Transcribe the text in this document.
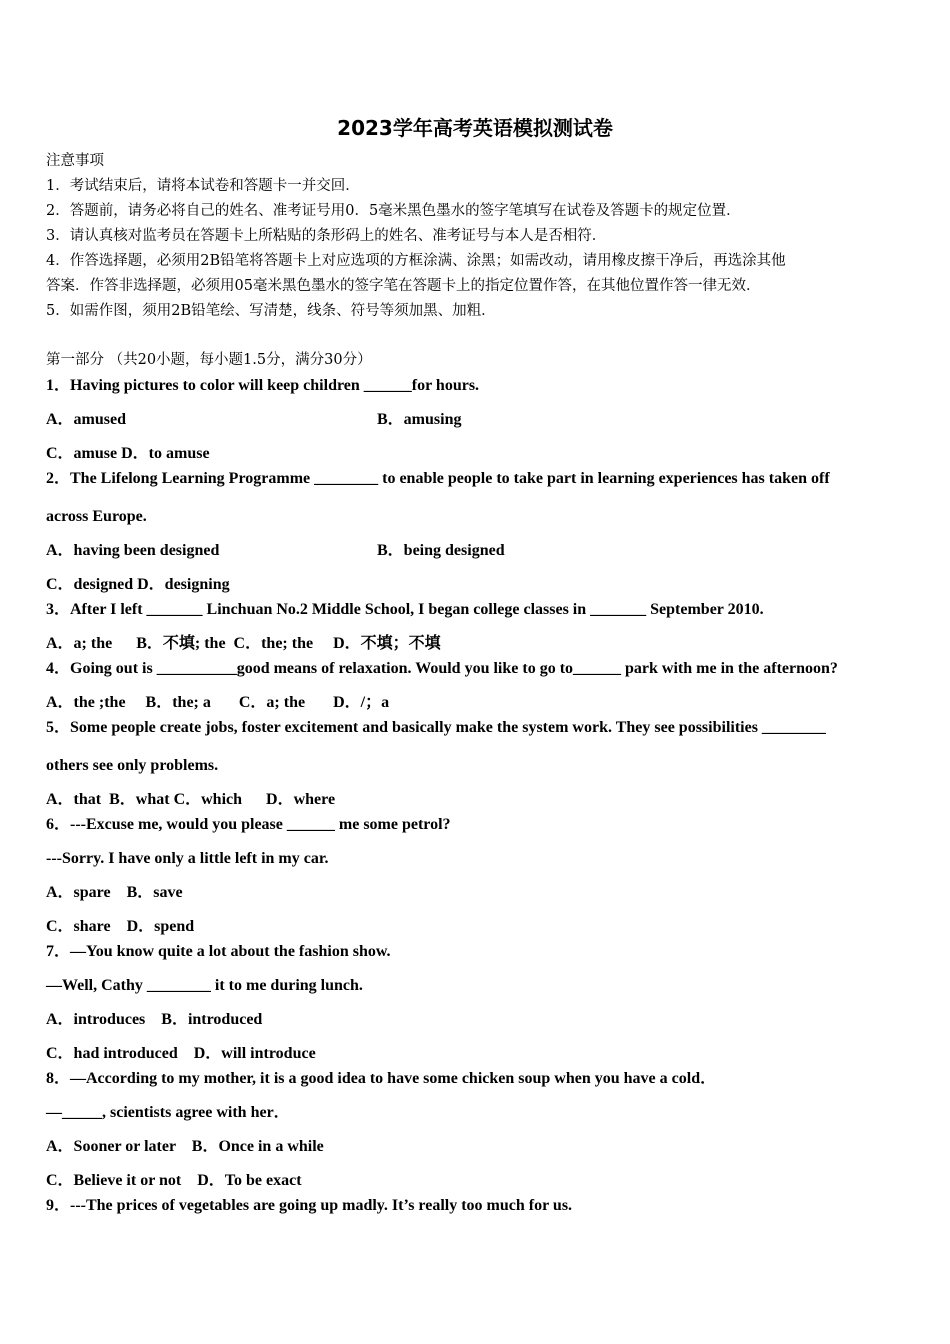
2023学年高考英语模拟测试卷
注意事项
1．考试结束后，请将本试卷和答题卡一并交回．
2．答题前，请务必将自己的姓名、准考证号用0．5毫米黑色墨水的签字笔填写在试卷及答题卡的规定位置．
3．请认真核对监考员在答题卡上所粘贴的条形码上的姓名、准考证号与本人是否相符．
4．作答选择题，必须用2B铅笔将答题卡上对应选项的方框涂满、涂黑；如需改动，请用橡皮擦干净后，再选涂其他
答案．作答非选择题，必须用05毫米黑色墨水的签字笔在答题卡上的指定位置作答，在其他位置作答一律无效．
5．如需作图，须用2B铅笔绘、写清楚，线条、符号等须加黑、加粗．
第一部分 （共20小题，每小题1.5分，满分30分）
1．Having pictures to color will keep children ______for hours.
A．amused	B．amusing
C．amuse D．to amuse
2．The Lifelong Learning Programme ________ to enable people to take part in learning experiences has taken off
across Europe.
A．having been designed	B．being designed
C．designed D．designing
3．After I left _______ Linchuan No.2 Middle School, I began college classes in _______ September 2010.
A．a; the      B．不填; the  C．the; the     D．不填；不填
4．Going out is __________good means of relaxation. Would you like to go to______ park with me in the afternoon?
A．the ;the     B．the; a       C．a; the       D．/；a
5．Some people create jobs, foster excitement and basically make the system work. They see possibilities ________
others see only problems.
A．that  B．what C．which      D．where
6．---Excuse me, would you please ______ me some petrol?
---Sorry. I have only a little left in my car.
A．spare    B．save
C．share    D．spend
7．—You know quite a lot about the fashion show.
—Well, Cathy ________ it to me during lunch.
A．introduces    B．introduced
C．had introduced    D．will introduce
8．—According to my mother, it is a good idea to have some chicken soup when you have a cold．
—_____, scientists agree with her．
A．Sooner or later    B．Once in a while
C．Believe it or not    D．To be exact
9．---The prices of vegetables are going up madly. It’s really too much for us.
